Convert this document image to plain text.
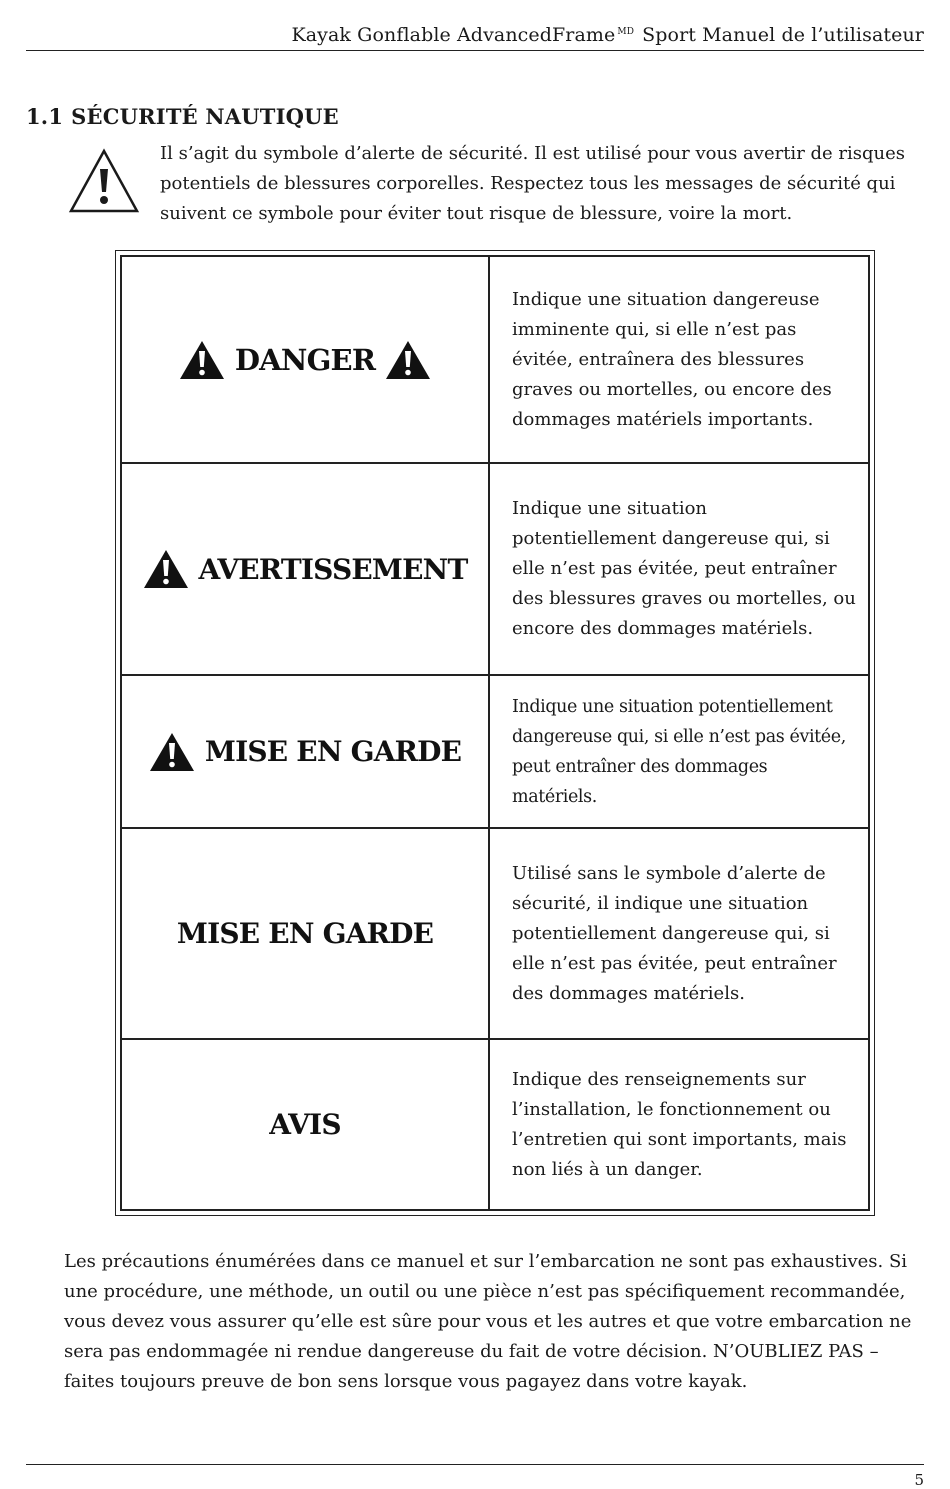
Kayak Gonflable AdvancedFrame $^{MD}$ Sport Manuel de l’utilisateur
1.1 SÉCURITÉ NAUTIQUE
Il s’agit du symbole d’alerte de sécurité. Il est utilisé pour vous avertir de risques potentiels de blessures corporelles. Respectez tous les messages de sécurité qui suivent ce symbole pour éviter tout risque de blessure, voire la mort.
DANGER
Indique une situation dangereuse imminente qui, si elle n’est pas évitée, entraînera des blessures graves ou mortelles, ou encore des dommages matériels importants.
AVERTISSEMENT
Indique une situation potentiellement dangereuse qui, si elle n’est pas évitée, peut entraîner des blessures graves ou mortelles, ou encore des dommages matériels.
MISE EN GARDE
Indique une situation potentiellement dangereuse qui, si elle n’est pas évitée, peut entraîner des dommages matériels.
MISE EN GARDE
Utilisé sans le symbole d’alerte de sécurité, il indique une situation potentiellement dangereuse qui, si elle n’est pas évitée, peut entraîner des dommages matériels.
AVIS
Indique des renseignements sur l’installation, le fonctionnement ou l’entretien qui sont importants, mais non liés à un danger.
Les précautions énumérées dans ce manuel et sur l’embarcation ne sont pas exhaustives. Si une procédure, une méthode, un outil ou une pièce n’est pas spécifiquement recommandée, vous devez vous assurer qu’elle est sûre pour vous et les autres et que votre embarcation ne sera pas endommagée ni rendue dangereuse du fait de votre décision. N’OUBLIEZ PAS – faites toujours preuve de bon sens lorsque vous pagayez dans votre kayak.
5
